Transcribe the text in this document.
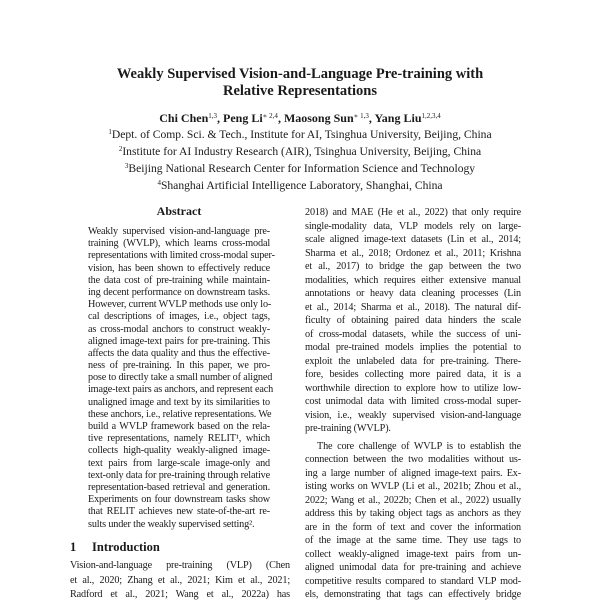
Weakly Supervised Vision-and-Language Pre-training with
Relative Representations
Chi Chen$^{1,3}$, Peng $Li^{∗ 2,4}$, Maosong Sun$^{∗ 1,3}$, Yang Liu$^{1,2,3,4}$
$^1$Dept. of Comp. Sci. & Tech., Institute for AI, Tsinghua University, Beijing, China
$^2$Institute for AI Industry Research (AIR), Tsinghua University, Beijing, China
$^3$Beijing National Research Center for Information Science and Technology
$^4$Shanghai Artificial Intelligence Laboratory, Shanghai, China
Abstract
Weakly supervised vision-and-language pre-
training (WVLP), which learns cross-modal
representations with limited cross-modal super-
vision, has been shown to effectively reduce
the data cost of pre-training while maintain-
ing decent performance on downstream tasks.
However, current WVLP methods use only lo-
cal descriptions of images, i.e., object tags,
as cross-modal anchors to construct weakly-
aligned image-text pairs for pre-training. This
affects the data quality and thus the effective-
ness of pre-training. In this paper, we pro-
pose to directly take a small number of aligned
image-text pairs as anchors, and represent each
unaligned image and text by its similarities to
these anchors, i.e., relative representations. We
build a WVLP framework based on the rela-
tive representations, namely RELIT¹, which
collects high-quality weakly-aligned image-
text pairs from large-scale image-only and
text-only data for pre-training through relative
representation-based retrieval and generation.
Experiments on four downstream tasks show
that RELIT achieves new state-of-the-art re-
sults under the weakly supervised setting².
1 Introduction
Vision-and-language pre-training (VLP) (Chen
et al., 2020; Zhang et al., 2021; Kim et al., 2021;
Radford et al., 2021; Wang et al., 2022a) has
2018) and MAE (He et al., 2022) that only require
single-modality data, VLP models rely on large-
scale aligned image-text datasets (Lin et al., 2014;
Sharma et al., 2018; Ordonez et al., 2011; Krishna
et al., 2017) to bridge the gap between the two
modalities, which requires either extensive manual
annotations or heavy data cleaning processes (Lin
et al., 2014; Sharma et al., 2018). The natural dif-
ficulty of obtaining paired data hinders the scale
of cross-modal datasets, while the success of uni-
modal pre-trained models implies the potential to
exploit the unlabeled data for pre-training. There-
fore, besides collecting more paired data, it is a
worthwhile direction to explore how to utilize low-
cost unimodal data with limited cross-modal super-
vision, i.e., weakly supervised vision-and-language
pre-training (WVLP).
The core challenge of WVLP is to establish the
connection between the two modalities without us-
ing a large number of aligned image-text pairs. Ex-
isting works on WVLP (Li et al., 2021b; Zhou et al.,
2022; Wang et al., 2022b; Chen et al., 2022) usually
address this by taking object tags as anchors as they
are in the form of text and cover the information
of the image at the same time. They use tags to
collect weakly-aligned image-text pairs from un-
aligned unimodal data for pre-training and achieve
competitive results compared to standard VLP mod-
els, demonstrating that tags can effectively bridge
